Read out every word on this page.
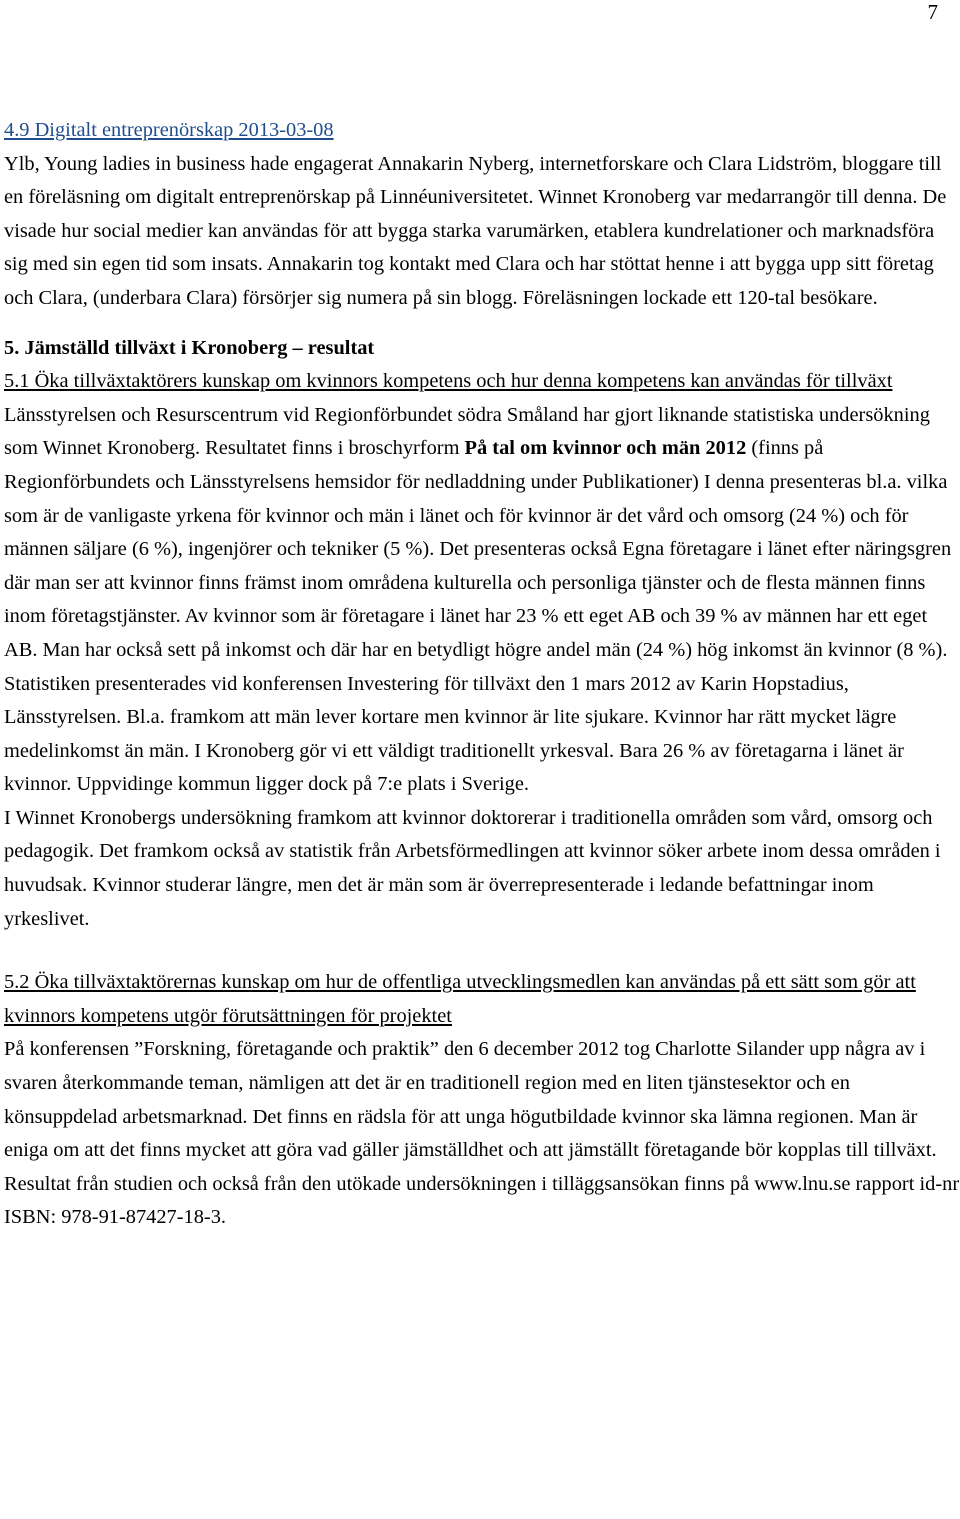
7

4.9 Digitalt entreprenörskap 2013-03-08

Ylb, Young ladies in business hade engagerat Annakarin Nyberg, internetforskare och Clara Lidström, bloggare till en föreläsning om digitalt entreprenörskap på Linnéuniversitetet. Winnet Kronoberg var medarrangör till denna. De visade hur social medier kan användas för att bygga starka varumärken, etablera kundrelationer och marknadsföra sig med sin egen tid som insats. Annakarin tog kontakt med Clara och har stöttat henne i att bygga upp sitt företag och Clara, (underbara Clara) försörjer sig numera på sin blogg. Föreläsningen lockade ett 120-tal besökare.

5. Jämställd tillväxt i Kronoberg – resultat

5.1 Öka tillväxtaktörers kunskap om kvinnors kompetens och hur denna kompetens kan användas för tillväxt

Länsstyrelsen och Resurscentrum vid Regionförbundet södra Småland har gjort liknande statistiska undersökning som Winnet Kronoberg. Resultatet finns i broschyrform På tal om kvinnor och män 2012 (finns på Regionförbundets och Länsstyrelsens hemsidor för nedladdning under Publikationer) I denna presenteras bl.a. vilka som är de vanligaste yrkena för kvinnor och män i länet och för kvinnor är det vård och omsorg (24 %) och för männen säljare (6 %), ingenjörer och tekniker (5 %). Det presenteras också Egna företagare i länet efter näringsgren där man ser att kvinnor finns främst inom områdena kulturella och personliga tjänster och de flesta männen finns inom företagstjänster. Av kvinnor som är företagare i länet har 23 % ett eget AB och 39 % av männen har ett eget AB. Man har också sett på inkomst och där har en betydligt högre andel män (24 %) hög inkomst än kvinnor (8 %).

Statistiken presenterades vid konferensen Investering för tillväxt den 1 mars 2012 av Karin Hopstadius, Länsstyrelsen. Bl.a. framkom att män lever kortare men kvinnor är lite sjukare. Kvinnor har rätt mycket lägre medelinkomst än män. I Kronoberg gör vi ett väldigt traditionellt yrkesval. Bara 26 % av företagarna i länet är kvinnor. Uppvidinge kommun ligger dock på 7:e plats i Sverige.

I Winnet Kronobergs undersökning framkom att kvinnor doktorerar i traditionella områden som vård, omsorg och pedagogik. Det framkom också av statistik från Arbetsförmedlingen att kvinnor söker arbete inom dessa områden i huvudsak. Kvinnor studerar längre, men det är män som är överrepresenterade i ledande befattningar inom yrkeslivet.

5.2 Öka tillväxtaktörernas kunskap om hur de offentliga utvecklingsmedlen kan användas på ett sätt som gör att kvinnors kompetens utgör förutsättningen för projektet

På konferensen ”Forskning, företagande och praktik” den 6 december 2012 tog Charlotte Silander upp några av i svaren återkommande teman, nämligen att det är en traditionell region med en liten tjänstesektor och en könsuppdelad arbetsmarknad. Det finns en rädsla för att unga högutbildade kvinnor ska lämna regionen. Man är eniga om att det finns mycket att göra vad gäller jämställdhet och att jämställt företagande bör kopplas till tillväxt. Resultat från studien och också från den utökade undersökningen i tilläggsansökan finns på www.lnu.se rapport id-nr ISBN: 978-91-87427-18-3.
